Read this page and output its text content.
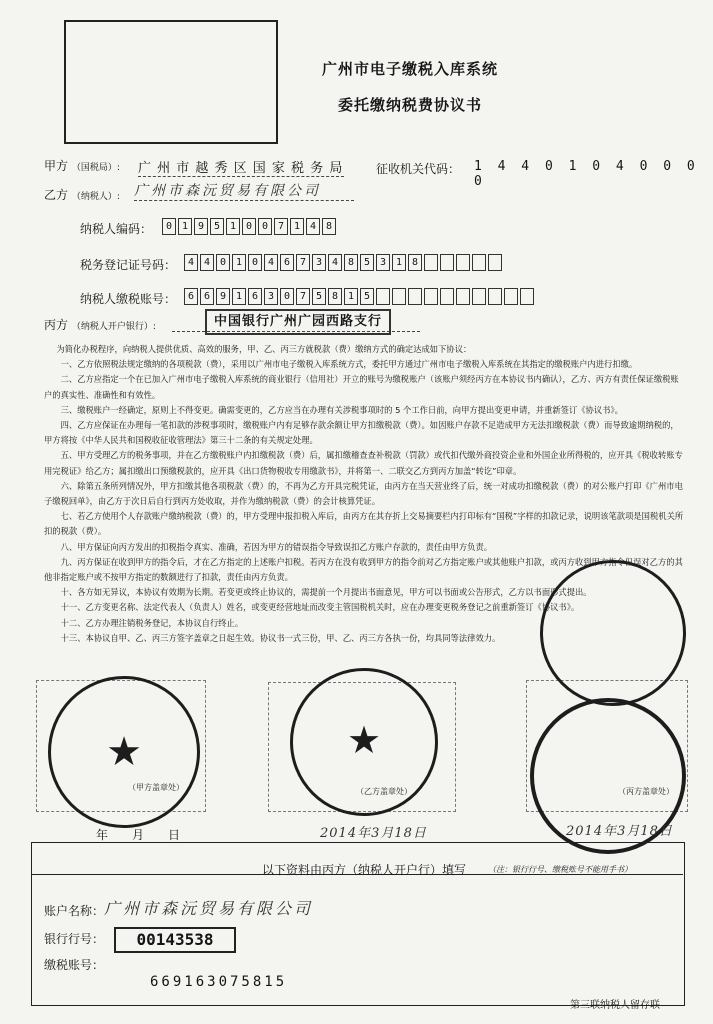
广州市电子缴税入库系统
委托缴纳税费协议书
甲方 （国税局）: 广 州 市 越 秀 区 国 家 税 务 局	征收机关代码： 1 4 4 0 1 0 4 0 0 0 0
乙方 （纳税人）: 广州市森沅贸易有限公司
纳税人编码：	0 1 9 5 1 0 0 7 1 4 8
税务登记证号码：	4 4 0 1 0 4 6 7 3 4 8 5 3 1 8
纳税人缴税账号：	6 6 9 1 6 3 0 7 5 8 1 5
丙方 （纳税人开户银行）:	中国银行广州广园西路支行

为简化办税程序，向纳税人提供优质、高效的服务，甲、乙、丙三方就税款（费）缴纳方式的确定达成如下协议：

一、乙方依照税法规定缴纳的各项税款（费），采用以广州市电子缴税入库系统方式，委托甲方通过广州市电子缴税入库系统在其指定的缴税账户内进行扣缴。

二、乙方应指定一个在已加入广州市电子缴税入库系统的商业银行（信用社）开立的账号为缴税账户（该账户须经丙方在本协议书内确认），乙方、丙方有责任保证缴税账户的真实性、准确性和有效性。

三、缴税账户一经确定，原则上不得变更。确需变更的，乙方应当在办理有关涉税事项时的 5 个工作日前，向甲方提出变更申请，并重新签订《协议书》。

四、乙方应保证在办理每一笔扣款的涉税事项时，缴税账户内有足够存款余额让甲方扣缴税款（费）。如因账户存款不足造成甲方无法扣缴税款（费）而导致逾期纳税的，甲方将按《中华人民共和国税收征收管理法》第三十二条的有关规定处理。

五、甲方受理乙方的税务事项，并在乙方缴税账户内扣缴税款（费）后，属扣缴稽查查补税款（罚款）或代扣代缴外商投资企业和外国企业所得税的，应开具《税收转账专用完税证》给乙方；属扣缴出口预缴税款的，应开具《出口货物税收专用缴款书》，并将第一、二联交乙方到丙方加盖“转讫”印章。

六、除第五条所列情况外，甲方扣缴其他各项税款（费）的，不再为乙方开具完税凭证，由丙方在当天营业终了后，统一对成功扣缴税款（费）的对公账户打印《广州市电子缴税回单》，由乙方于次日后自行到丙方处收取，并作为缴纳税款（费）的会计核算凭证。

七、若乙方使用个人存款账户缴纳税款（费）的，甲方受理申报扣税入库后，由丙方在其存折上交易摘要栏内打印标有“国税”字样的扣款记录，说明该笔款项是国税机关所扣的税款（费）。

八、甲方保证向丙方发出的扣税指令真实、准确，若因为甲方的错误指令导致误扣乙方账户存款的，责任由甲方负责。

九、丙方保证在收到甲方的指令后，才在乙方指定的上述账户扣税。若丙方在没有收到甲方的指令前对乙方指定账户或其他账户扣款，或丙方收到甲方指令但误对乙方的其他非指定账户或不按甲方指定的数额进行了扣款，责任由丙方负责。

十、各方如无异议，本协议有效期为长期。若变更或终止协议的，需提前一个月提出书面意见，甲方可以书面或公告形式，乙方以书面形式提出。

十一、乙方变更名称、法定代表人（负责人）姓名，或变更经营地址而改变主管国税机关时，应在办理变更税务登记之前重新签订《协议书》。

十二、乙方办理注销税务登记，本协议自行终止。

十三、本协议自甲、乙、丙三方签字盖章之日起生效。协议书一式三份，甲、乙、丙三方各执一份，均具同等法律效力。

★
（甲方盖章处）
★
（乙方盖章处）	（丙方盖章处）
年　　月　　日	2014年3月18日	2014年3月18日
以下资料由丙方（纳税人开户行）填写	（注：银行行号、缴税账号不能用手书）
账户名称： 广州市森沅贸易有限公司
银行行号：	00143538
缴税账号：
669163075815
第三联纳税人留存联
